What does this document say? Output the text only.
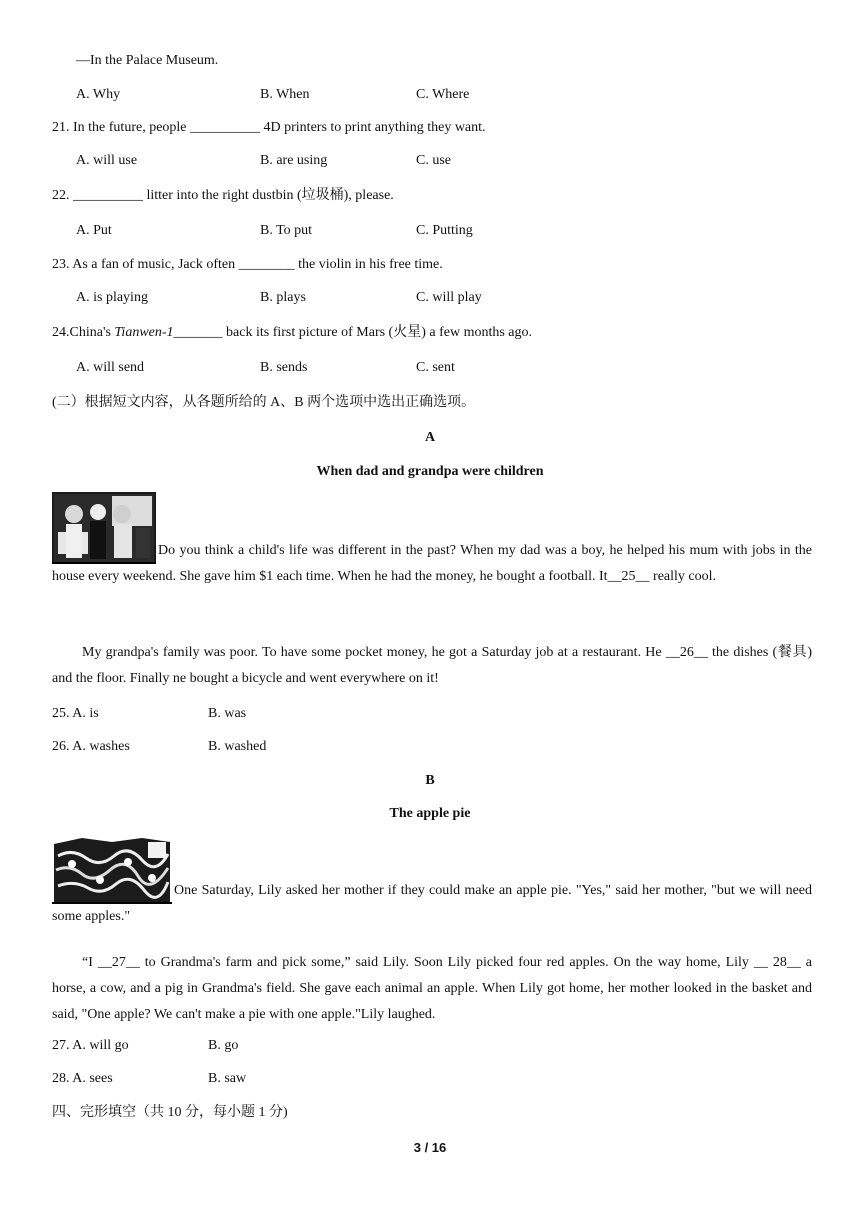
—In the Palace Museum.
A. Why	B. When	C. Where
21. In the future, people __________ 4D printers to print anything they want.
A. will use	B. are using	C. use
22. __________ litter into the right dustbin (垃圾桶), please.
A. Put	B. To put	C. Putting
23. As a fan of music, Jack often ________ the violin in his free time.
A. is playing	B. plays	C. will play
24.China's Tianwen-1_______ back its first picture of Mars (火星) a few months ago.
A. will send	B. sends	C. sent
(二）根据短文内容，从各题所给的 A、B 两个选项中选出正确选项。
A
When dad and grandpa were children
Do you think a child's life was different in the past? When my dad was a boy, he helped his mum with jobs in the house every weekend. She gave him $1 each time. When he had the money, he bought a football. It__25__ really cool.
My grandpa's family was poor. To have some pocket money, he got a Saturday job at a restaurant. He __26__ the dishes (餐具) and the floor. Finally ne bought a bicycle and went everywhere on it!
25. A. is	B. was
26. A. washes	B. washed
B
The apple pie
One Saturday, Lily asked her mother if they could make an apple pie. "Yes," said her mother, "but we will need some apples."
“I __27__ to Grandma's farm and pick some,” said Lily. Soon Lily picked four red apples. On the way home, Lily __ 28__ a horse, a cow, and a pig in Grandma's field. She gave each animal an apple. When Lily got home, her mother looked in the basket and said, "One apple? We can't make a pie with one apple."Lily laughed.
27. A. will go	B. go
28. A. sees	B. saw
四、完形填空（共 10 分，每小题 1 分)
3 / 16
